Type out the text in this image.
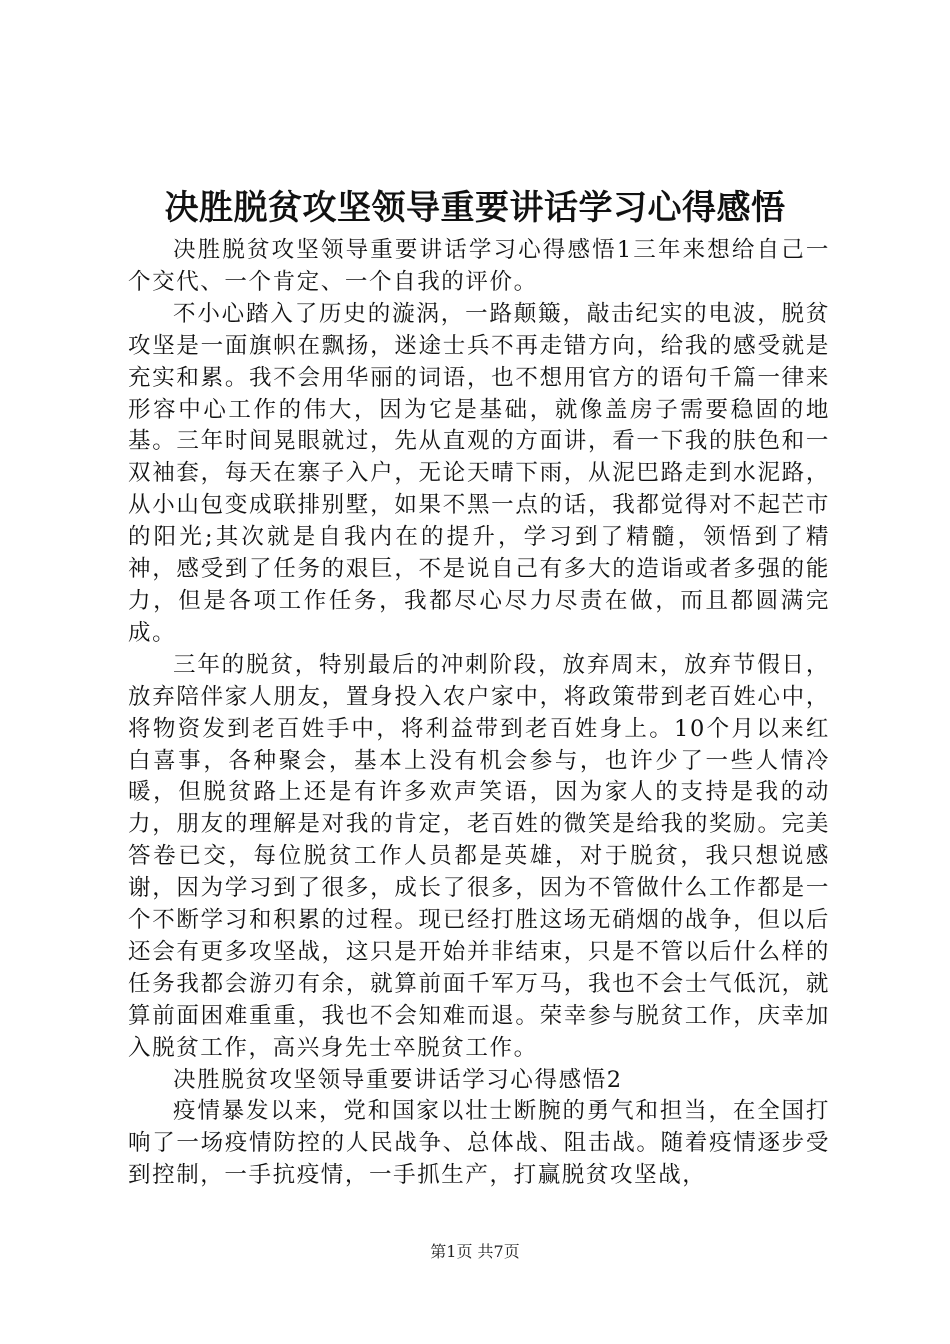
决胜脱贫攻坚领导重要讲话学习心得感悟

决胜脱贫攻坚领导重要讲话学习心得感悟1三年来想给自己一个交代、一个肯定、一个自我的评价。

不小心踏入了历史的漩涡，一路颠簸，敲击纪实的电波，脱贫攻坚是一面旗帜在飘扬，迷途士兵不再走错方向，给我的感受就是充实和累。我不会用华丽的词语，也不想用官方的语句千篇一律来形容中心工作的伟大，因为它是基础，就像盖房子需要稳固的地基。三年时间晃眼就过，先从直观的方面讲，看一下我的肤色和一双袖套，每天在寨子入户，无论天晴下雨，从泥巴路走到水泥路，从小山包变成联排别墅，如果不黑一点的话，我都觉得对不起芒市的阳光;其次就是自我内在的提升，学习到了精髓，领悟到了精神，感受到了任务的艰巨，不是说自己有多大的造诣或者多强的能力，但是各项工作任务，我都尽心尽力尽责在做，而且都圆满完成。

三年的脱贫，特别最后的冲刺阶段，放弃周末，放弃节假日，放弃陪伴家人朋友，置身投入农户家中，将政策带到老百姓心中，将物资发到老百姓手中，将利益带到老百姓身上。10个月以来红白喜事，各种聚会，基本上没有机会参与，也许少了一些人情冷暖，但脱贫路上还是有许多欢声笑语，因为家人的支持是我的动力，朋友的理解是对我的肯定，老百姓的微笑是给我的奖励。完美答卷已交，每位脱贫工作人员都是英雄，对于脱贫，我只想说感谢，因为学习到了很多，成长了很多，因为不管做什么工作都是一个不断学习和积累的过程。现已经打胜这场无硝烟的战争，但以后还会有更多攻坚战，这只是开始并非结束，只是不管以后什么样的任务我都会游刃有余，就算前面千军万马，我也不会士气低沉，就算前面困难重重，我也不会知难而退。荣幸参与脱贫工作，庆幸加入脱贫工作，高兴身先士卒脱贫工作。

决胜脱贫攻坚领导重要讲话学习心得感悟2

疫情暴发以来，党和国家以壮士断腕的勇气和担当，在全国打响了一场疫情防控的人民战争、总体战、阻击战。随着疫情逐步受到控制，一手抗疫情，一手抓生产，打赢脱贫攻坚战，

第1页 共7页
